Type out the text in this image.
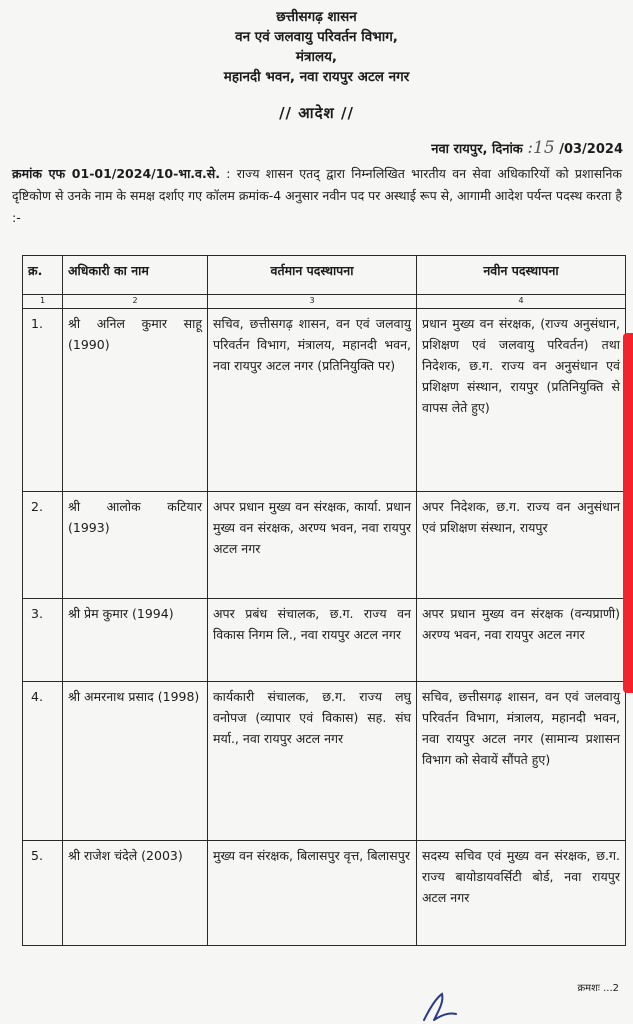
छत्तीसगढ़ शासन
वन एवं जलवायु परिवर्तन विभाग,
मंत्रालय,
महानदी भवन, नवा रायपुर अटल नगर
// आदेश //
नवा रायपुर, दिनांक :15 /03/2024
क्रमांक एफ 01-01/2024/10-भा.व.से. : राज्य शासन एतद् द्वारा निम्नलिखित भारतीय वन सेवा अधिकारियों को प्रशासनिक दृष्टिकोण से उनके नाम के समक्ष दर्शाए गए कॉलम क्रमांक-4 अनुसार नवीन पद पर अस्थाई रूप से, आगामी आदेश पर्यन्त पदस्थ करता है :-
क्र.	अधिकारी का नाम	वर्तमान पदस्थापना	नवीन पदस्थापना
1	2	3	4
1.	श्री अनिल कुमार साहू (1990)	सचिव, छत्तीसगढ़ शासन, वन एवं जलवायु परिवर्तन विभाग, मंत्रालय, महानदी भवन, नवा रायपुर अटल नगर (प्रतिनियुक्ति पर)	प्रधान मुख्य वन संरक्षक, (राज्य अनुसंधान, प्रशिक्षण एवं जलवायु परिवर्तन) तथा निदेशक, छ.ग. राज्य वन अनुसंधान एवं प्रशिक्षण संस्थान, रायपुर (प्रतिनियुक्ति से वापस लेते हुए)
2.	श्री आलोक कटियार (1993)	अपर प्रधान मुख्य वन संरक्षक, कार्या. प्रधान मुख्य वन संरक्षक, अरण्य भवन, नवा रायपुर अटल नगर	अपर निदेशक, छ.ग. राज्य वन अनुसंधान एवं प्रशिक्षण संस्थान, रायपुर
3.	श्री प्रेम कुमार (1994)	अपर प्रबंध संचालक, छ.ग. राज्य वन विकास निगम लि., नवा रायपुर अटल नगर	अपर प्रधान मुख्य वन संरक्षक (वन्यप्राणी) अरण्य भवन, नवा रायपुर अटल नगर
4.	श्री अमरनाथ प्रसाद (1998)	कार्यकारी संचालक, छ.ग. राज्य लघु वनोपज (व्यापार एवं विकास) सह. संघ मर्या., नवा रायपुर अटल नगर	सचिव, छत्तीसगढ़ शासन, वन एवं जलवायु परिवर्तन विभाग, मंत्रालय, महानदी भवन, नवा रायपुर अटल नगर (सामान्य प्रशासन विभाग को सेवायें सौंपते हुए)
5.	श्री राजेश चंदेले (2003)	मुख्य वन संरक्षक, बिलासपुर वृत्त, बिलासपुर	सदस्य सचिव एवं मुख्य वन संरक्षक, छ.ग. राज्य बायोडायवर्सिटी बोर्ड, नवा रायपुर अटल नगर
क्रमशः ...2
